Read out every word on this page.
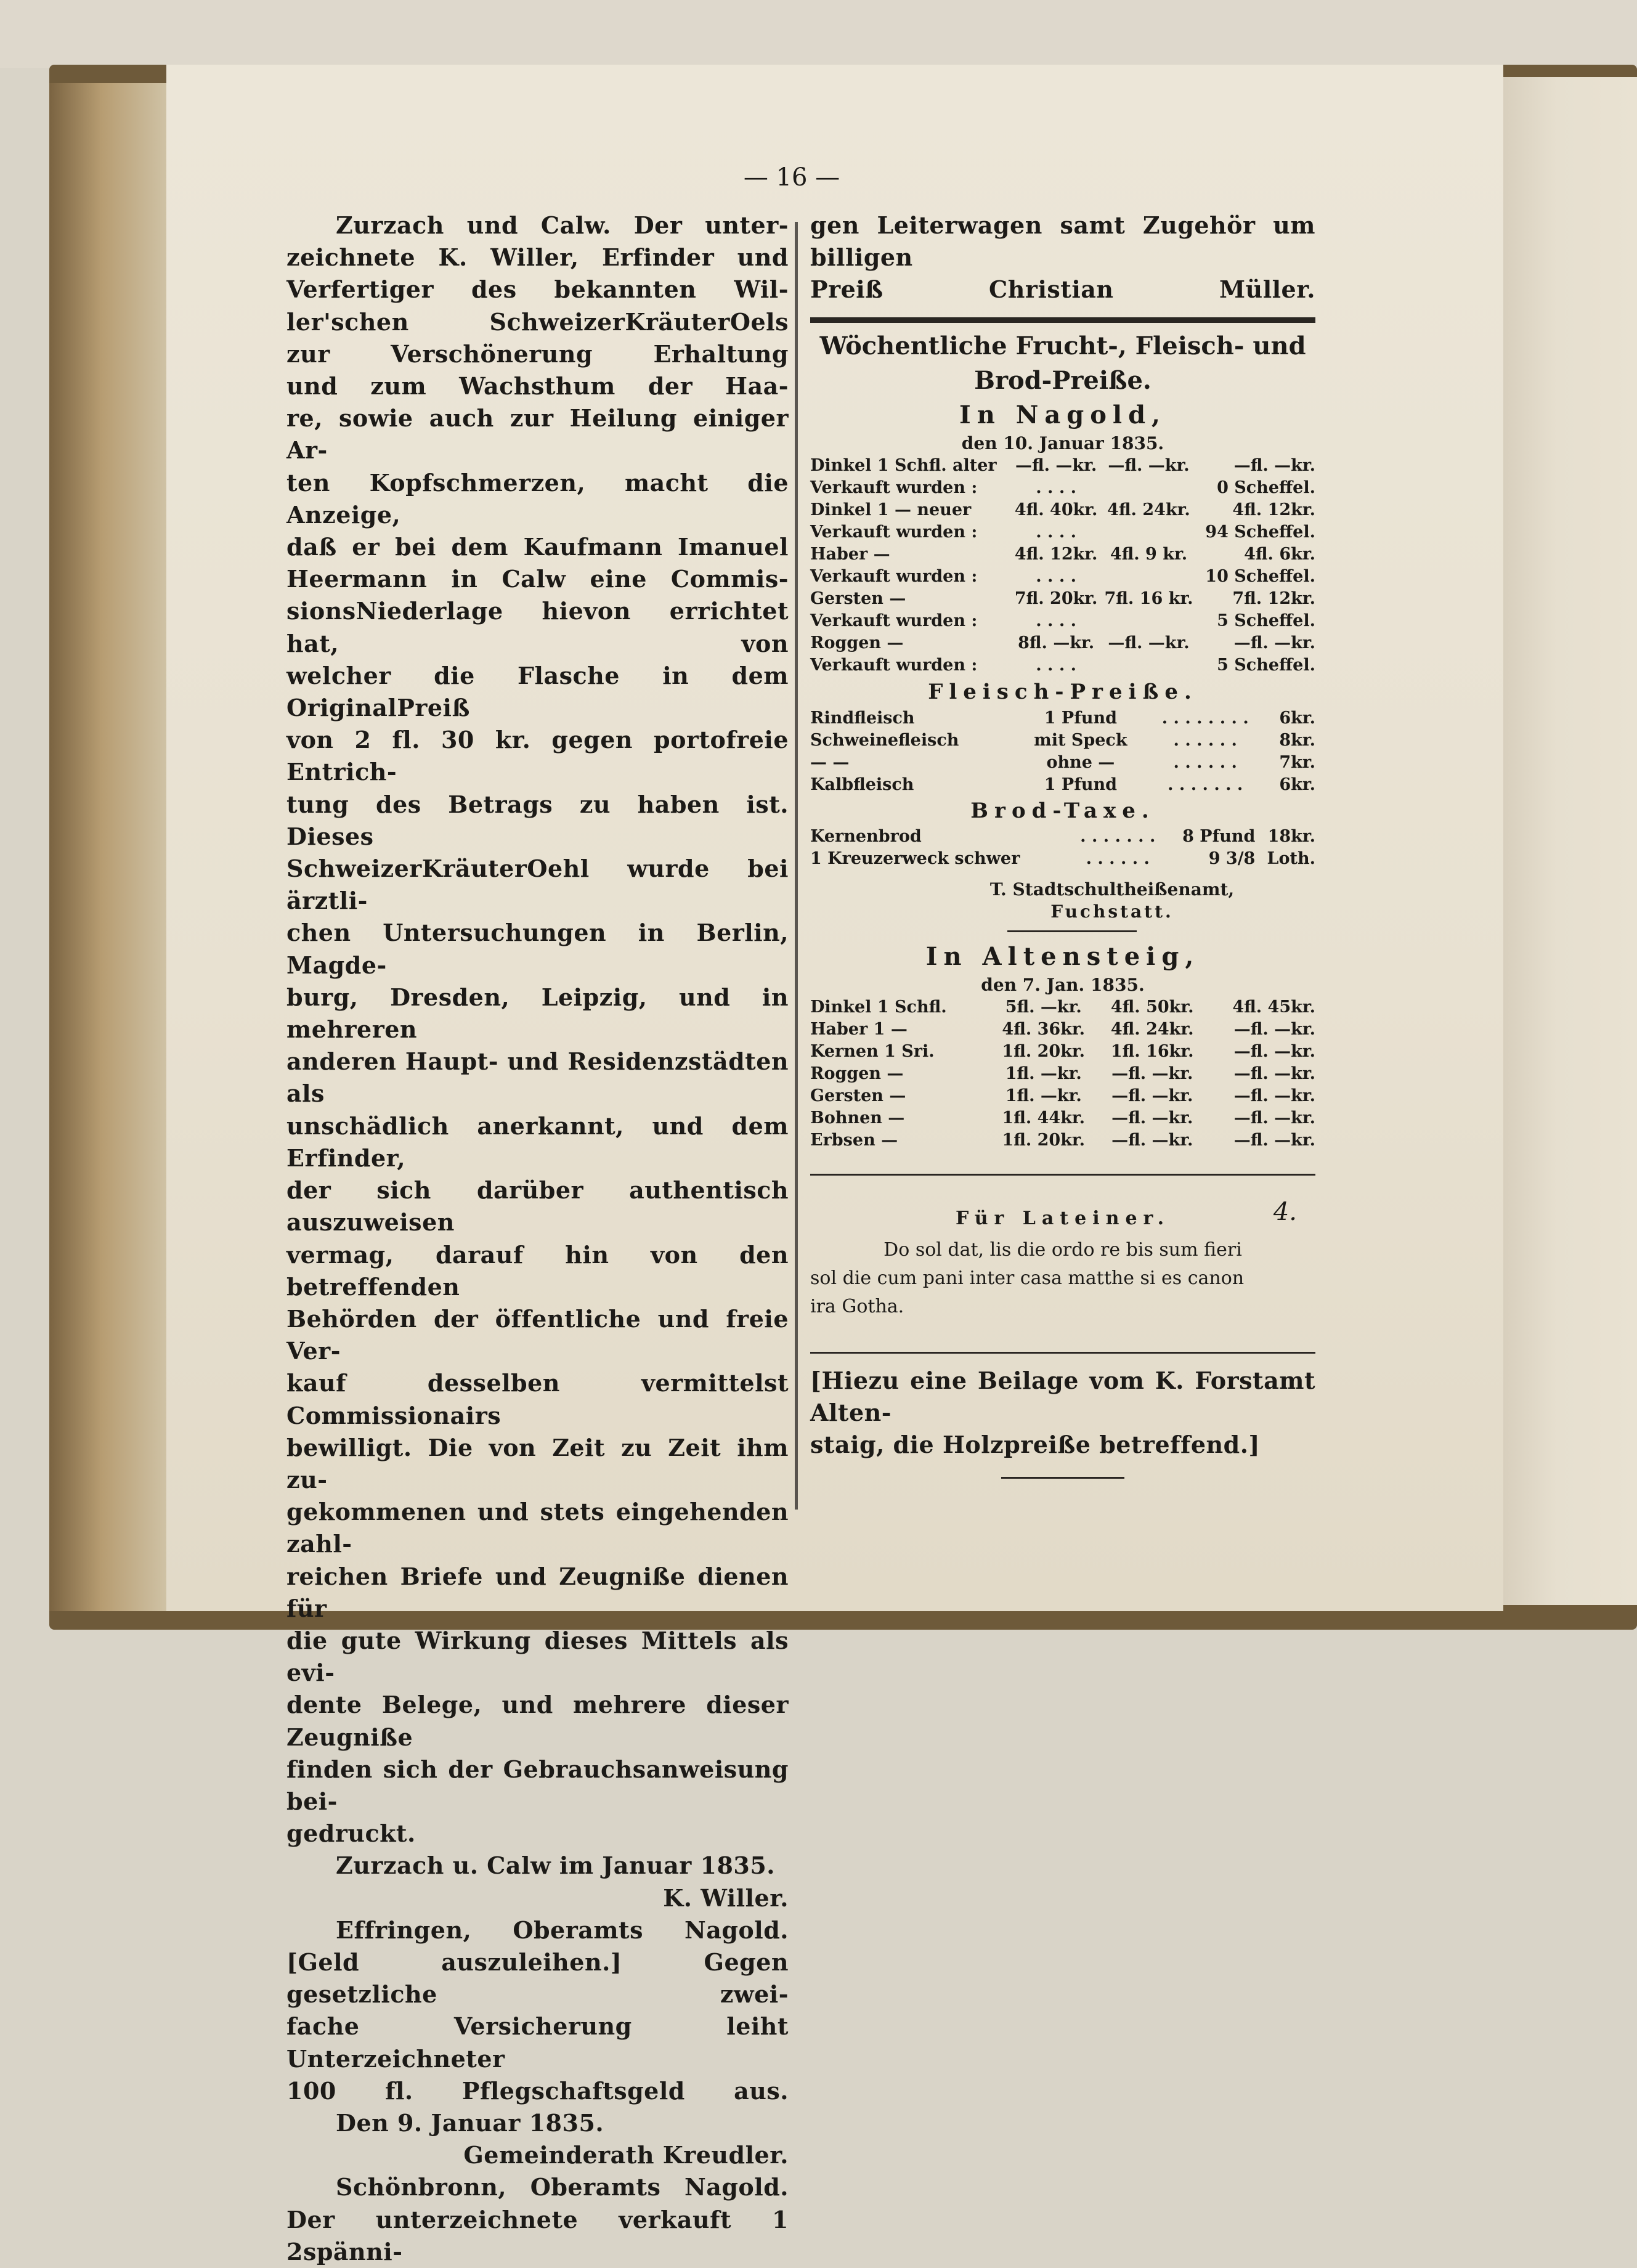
— 16 —
Zurzach und Calw. Der unter-
zeichnete K. Willer, Erfinder und
Verfertiger des bekannten Wil-
ler'schen SchweizerKräuterOels
zur Verschönerung Erhaltung
und zum Wachsthum der Haa-
re, sowie auch zur Heilung einiger Ar-
ten Kopfschmerzen, macht die Anzeige,
daß er bei dem Kaufmann Imanuel
Heermann in Calw eine Commis-
sionsNiederlage hievon errichtet hat, von
welcher die Flasche in dem OriginalPreiß
von 2 fl. 30 kr. gegen portofreie Entrich-
tung des Betrags zu haben ist. Dieses
SchweizerKräuterOehl wurde bei ärztli-
chen Untersuchungen in Berlin, Magde-
burg, Dresden, Leipzig, und in mehreren
anderen Haupt- und Residenzstädten als
unschädlich anerkannt, und dem Erfinder,
der sich darüber authentisch auszuweisen
vermag, darauf hin von den betreffenden
Behörden der öffentliche und freie Ver-
kauf desselben vermittelst Commissionairs
bewilligt. Die von Zeit zu Zeit ihm zu-
gekommenen und stets eingehenden zahl-
reichen Briefe und Zeugniße dienen für
die gute Wirkung dieses Mittels als evi-
dente Belege, und mehrere dieser Zeugniße
finden sich der Gebrauchsanweisung bei-
gedruckt.
Zurzach u. Calw im Januar 1835.
K. Willer.
Effringen, Oberamts Nagold.
[Geld auszuleihen.] Gegen gesetzliche zwei-
fache Versicherung leiht Unterzeichneter
100 fl. Pflegschaftsgeld aus.
Den 9. Januar 1835.
Gemeinderath Kreudler.
Schönbronn, Oberamts Nagold.
Der unterzeichnete verkauft 1 2spänni-
gen Leiterwagen samt Zugehör um billigen
Preiß Christian Müller.
Wöchentliche Frucht-, Fleisch- und
Brod-Preiße.
In Nagold,
den 10. Januar 1835.
Dinkel 1 Schfl. alter	—fl. —kr.	—fl. —kr.	—fl. —kr.
Verkauft wurden :	. . . .		0 Scheffel.
Dinkel 1 — neuer	4fl. 40kr.	4fl. 24kr.	4fl. 12kr.
Verkauft wurden :	. . . .		94 Scheffel.
Haber —	4fl. 12kr.	4fl. 9 kr.	4fl. 6kr.
Verkauft wurden :	. . . .		10 Scheffel.
Gersten —	7fl. 20kr.	7fl. 16 kr.	7fl. 12kr.
Verkauft wurden :	. . . .		5 Scheffel.
Roggen —	8fl. —kr.	—fl. —kr.	—fl. —kr.
Verkauft wurden :	. . . .		5 Scheffel.
Fleisch-Preiße.
Rindfleisch	1 Pfund	. . . . . . . .	6kr.
Schweinefleisch	mit Speck	. . . . . .	8kr.
— —	ohne —	. . . . . .	7kr.
Kalbfleisch	1 Pfund	. . . . . . .	6kr.
Brod-Taxe.
Kernenbrod	. . . . . . .	8 Pfund	18kr.
1 Kreuzerweck schwer	. . . . . .	9 3/8	Loth.
T. Stadtschultheißenamt,
Fuchstatt.
In Altensteig,
den 7. Jan. 1835.
Dinkel 1 Schfl.	5fl. —kr.	4fl. 50kr.	4fl. 45kr.
Haber 1 —	4fl. 36kr.	4fl. 24kr.	—fl. —kr.
Kernen 1 Sri.	1fl. 20kr.	1fl. 16kr.	—fl. —kr.
Roggen —	1fl. —kr.	—fl. —kr.	—fl. —kr.
Gersten —	1fl. —kr.	—fl. —kr.	—fl. —kr.
Bohnen —	1fl. 44kr.	—fl. —kr.	—fl. —kr.
Erbsen —	1fl. 20kr.	—fl. —kr.	—fl. —kr.
Für Lateiner.	4.
Do sol dat, lis die ordo re bis sum fieri
sol die cum pani inter casa matthe si es canon
ira Gotha.
[Hiezu eine Beilage vom K. Forstamt Alten-
staig, die Holzpreiße betreffend.]
